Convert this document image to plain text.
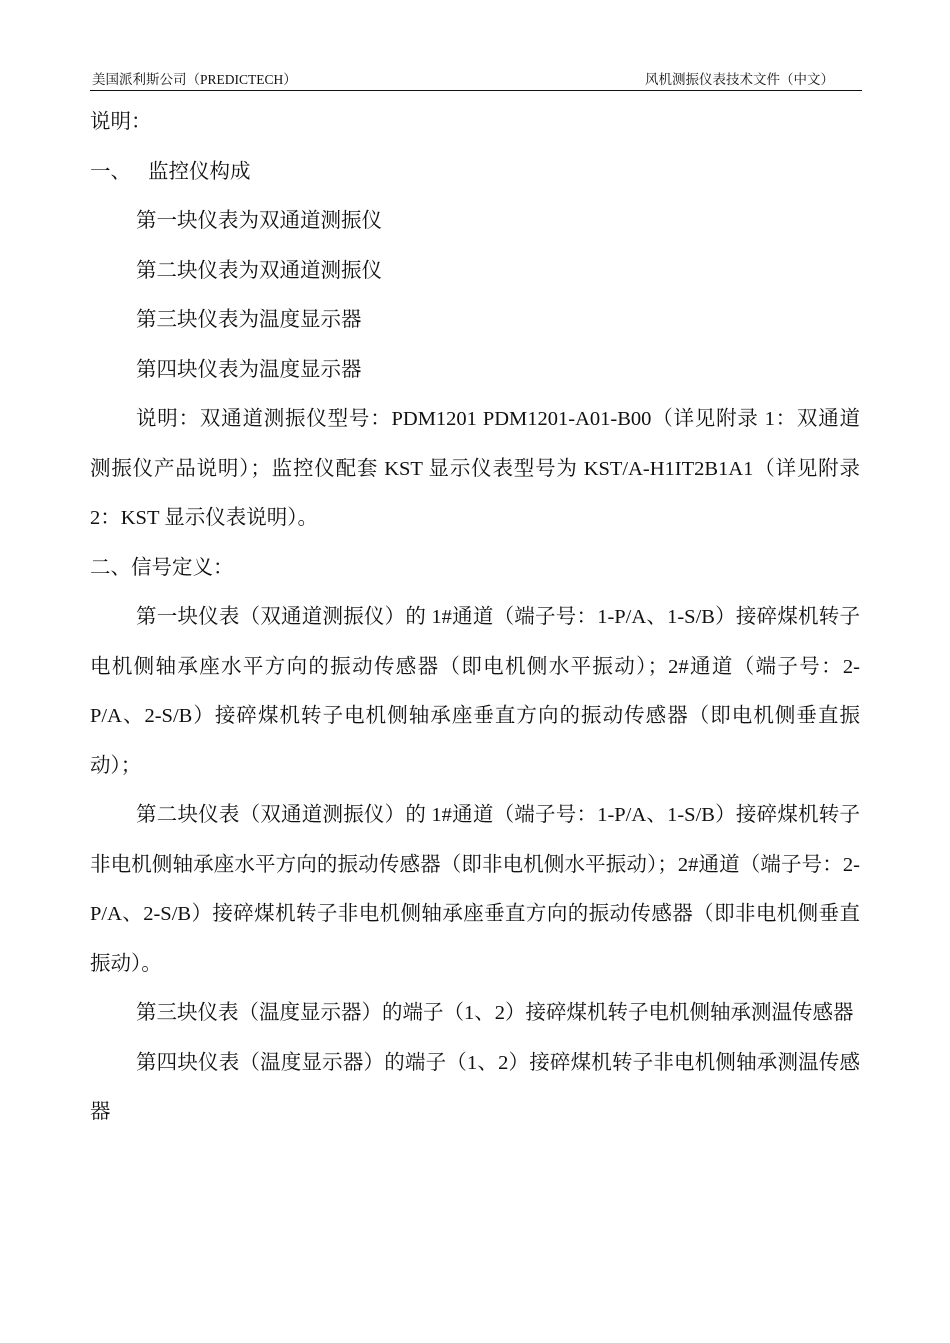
美国派利斯公司（PREDICTECH）	风机测振仪表技术文件（中文）

说明：

一、 监控仪构成

第一块仪表为双通道测振仪

第二块仪表为双通道测振仪

第三块仪表为温度显示器

第四块仪表为温度显示器

说明：双通道测振仪型号：PDM1201 PDM1201-A01-B00（详见附录 1：双通道测振仪产品说明）；监控仪配套 KST 显示仪表型号为 KST/A-H1IT2B1A1（详见附录 2：KST 显示仪表说明）。

二、信号定义：

第一块仪表（双通道测振仪）的 1#通道（端子号：1-P/A、1-S/B）接碎煤机转子电机侧轴承座水平方向的振动传感器（即电机侧水平振动）；2#通道（端子号：2-P/A、2-S/B）接碎煤机转子电机侧轴承座垂直方向的振动传感器（即电机侧垂直振动）；

第二块仪表（双通道测振仪）的 1#通道（端子号：1-P/A、1-S/B）接碎煤机转子非电机侧轴承座水平方向的振动传感器（即非电机侧水平振动）；2#通道（端子号：2-P/A、2-S/B）接碎煤机转子非电机侧轴承座垂直方向的振动传感器（即非电机侧垂直振动）。

第三块仪表（温度显示器）的端子（1、2）接碎煤机转子电机侧轴承测温传感器

第四块仪表（温度显示器）的端子（1、2）接碎煤机转子非电机侧轴承测温传感器
